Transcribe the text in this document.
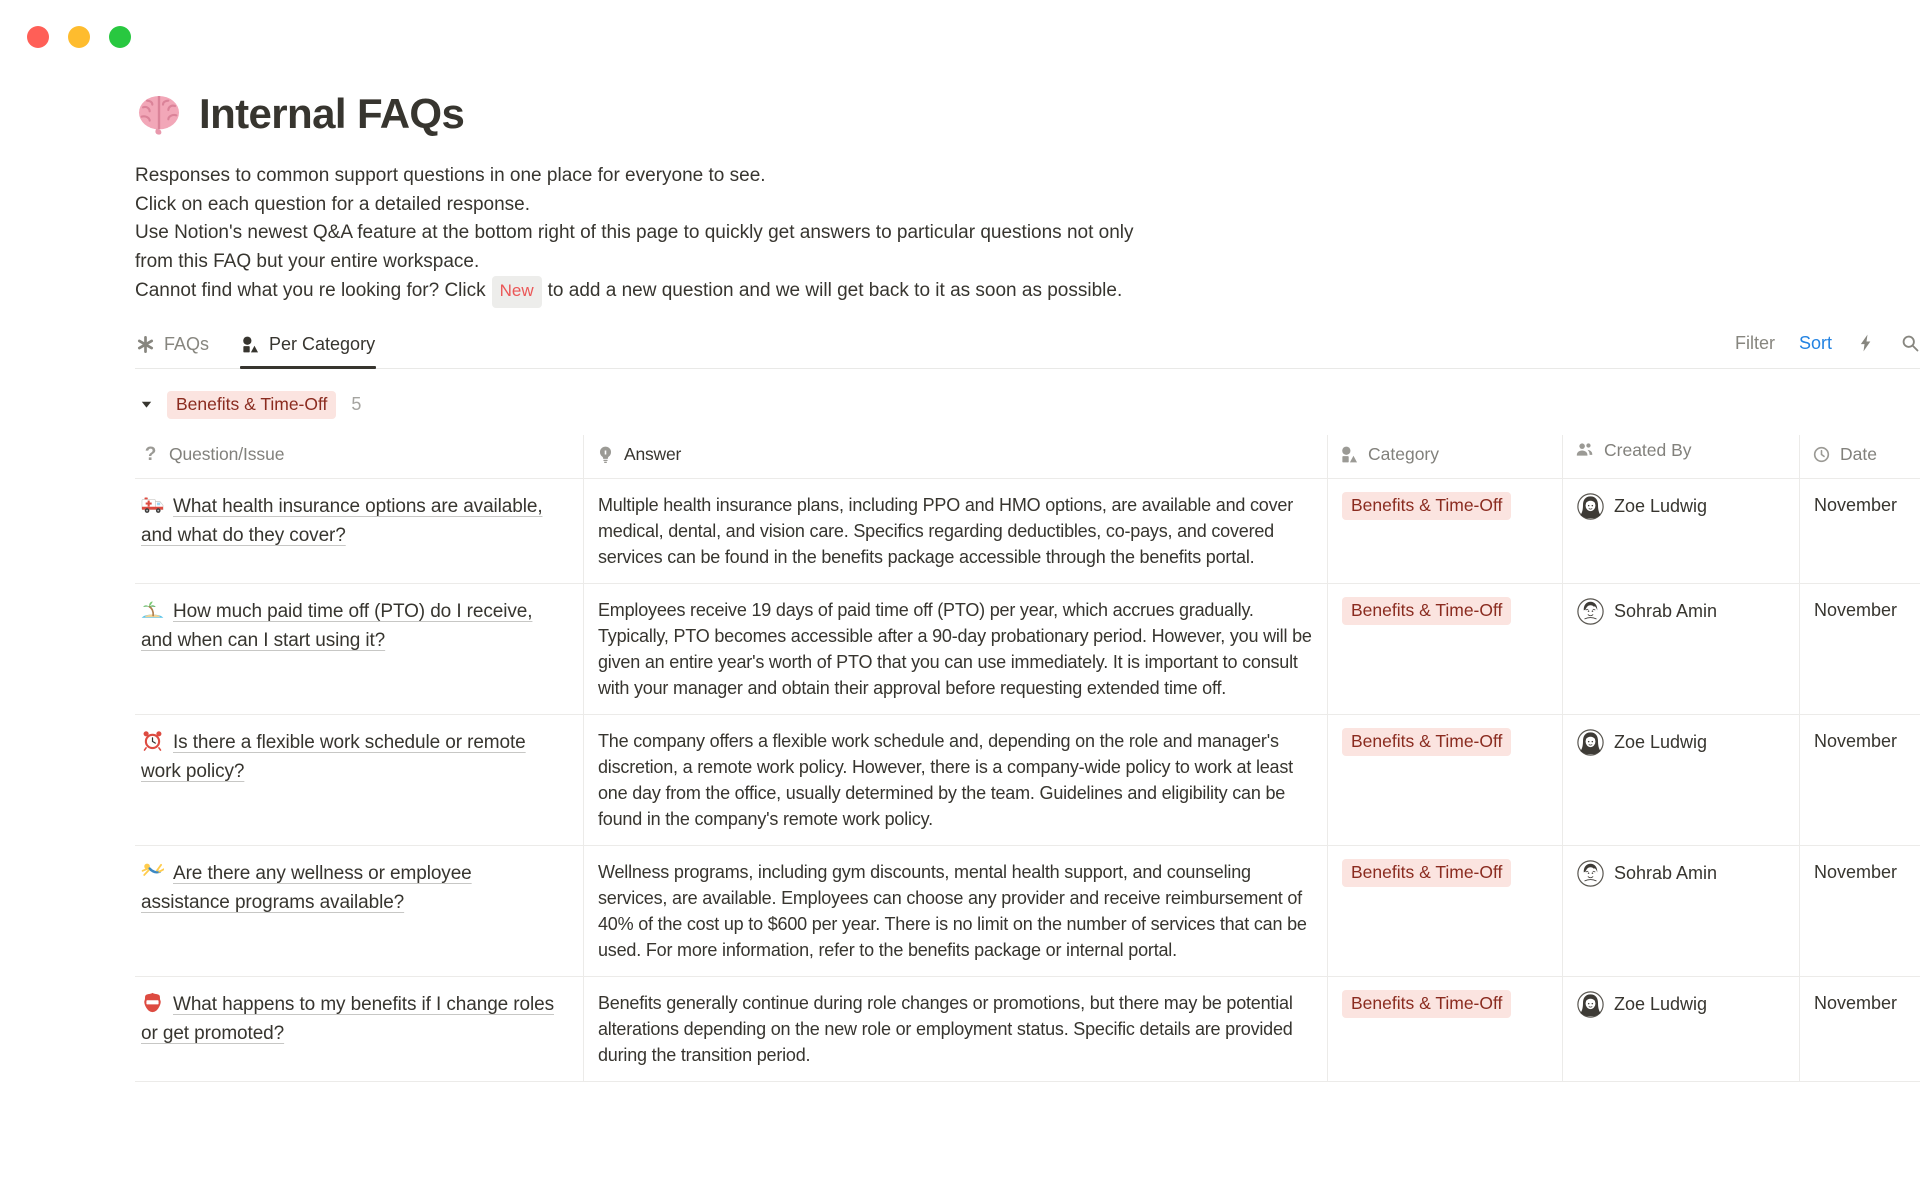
Internal FAQs
Responses to common support questions in one place for everyone to see.
Click on each question for a detailed response.
Use Notion's newest Q&A feature at the bottom right of this page to quickly get answers to particular questions not only
from this FAQ but your entire workspace.
Cannot find what you re looking for? Click New to add a new question and we will get back to it as soon as possible.
FAQs	Per Category	Filter Sort
Benefits & Time-Off	5
? Question/Issue	Answer	Category	Created By	Date
What health insurance options are available, and what do they cover?
Multiple health insurance plans, including PPO and HMO options, are available and cover medical, dental, and vision care. Specifics regarding deductibles, co-pays, and covered services can be found in the benefits package accessible through the benefits portal.
Benefits & Time-Off	Zoe Ludwig	November
How much paid time off (PTO) do I receive, and when can I start using it?
Employees receive 19 days of paid time off (PTO) per year, which accrues gradually. Typically, PTO becomes accessible after a 90-day probationary period. However, you will be given an entire year's worth of PTO that you can use immediately. It is important to consult with your manager and obtain their approval before requesting extended time off.
Benefits & Time-Off	Sohrab Amin	November
Is there a flexible work schedule or remote work policy?
The company offers a flexible work schedule and, depending on the role and manager's discretion, a remote work policy. However, there is a company-wide policy to work at least one day from the office, usually determined by the team. Guidelines and eligibility can be found in the company's remote work policy.
Benefits & Time-Off	Zoe Ludwig	November
Are there any wellness or employee assistance programs available?
Wellness programs, including gym discounts, mental health support, and counseling services, are available. Employees can choose any provider and receive reimbursement of 40% of the cost up to $600 per year. There is no limit on the number of services that can be used. For more information, refer to the benefits package or internal portal.
Benefits & Time-Off	Sohrab Amin	November
What happens to my benefits if I change roles or get promoted?
Benefits generally continue during role changes or promotions, but there may be potential alterations depending on the new role or employment status. Specific details are provided during the transition period.
Benefits & Time-Off	Zoe Ludwig	November
